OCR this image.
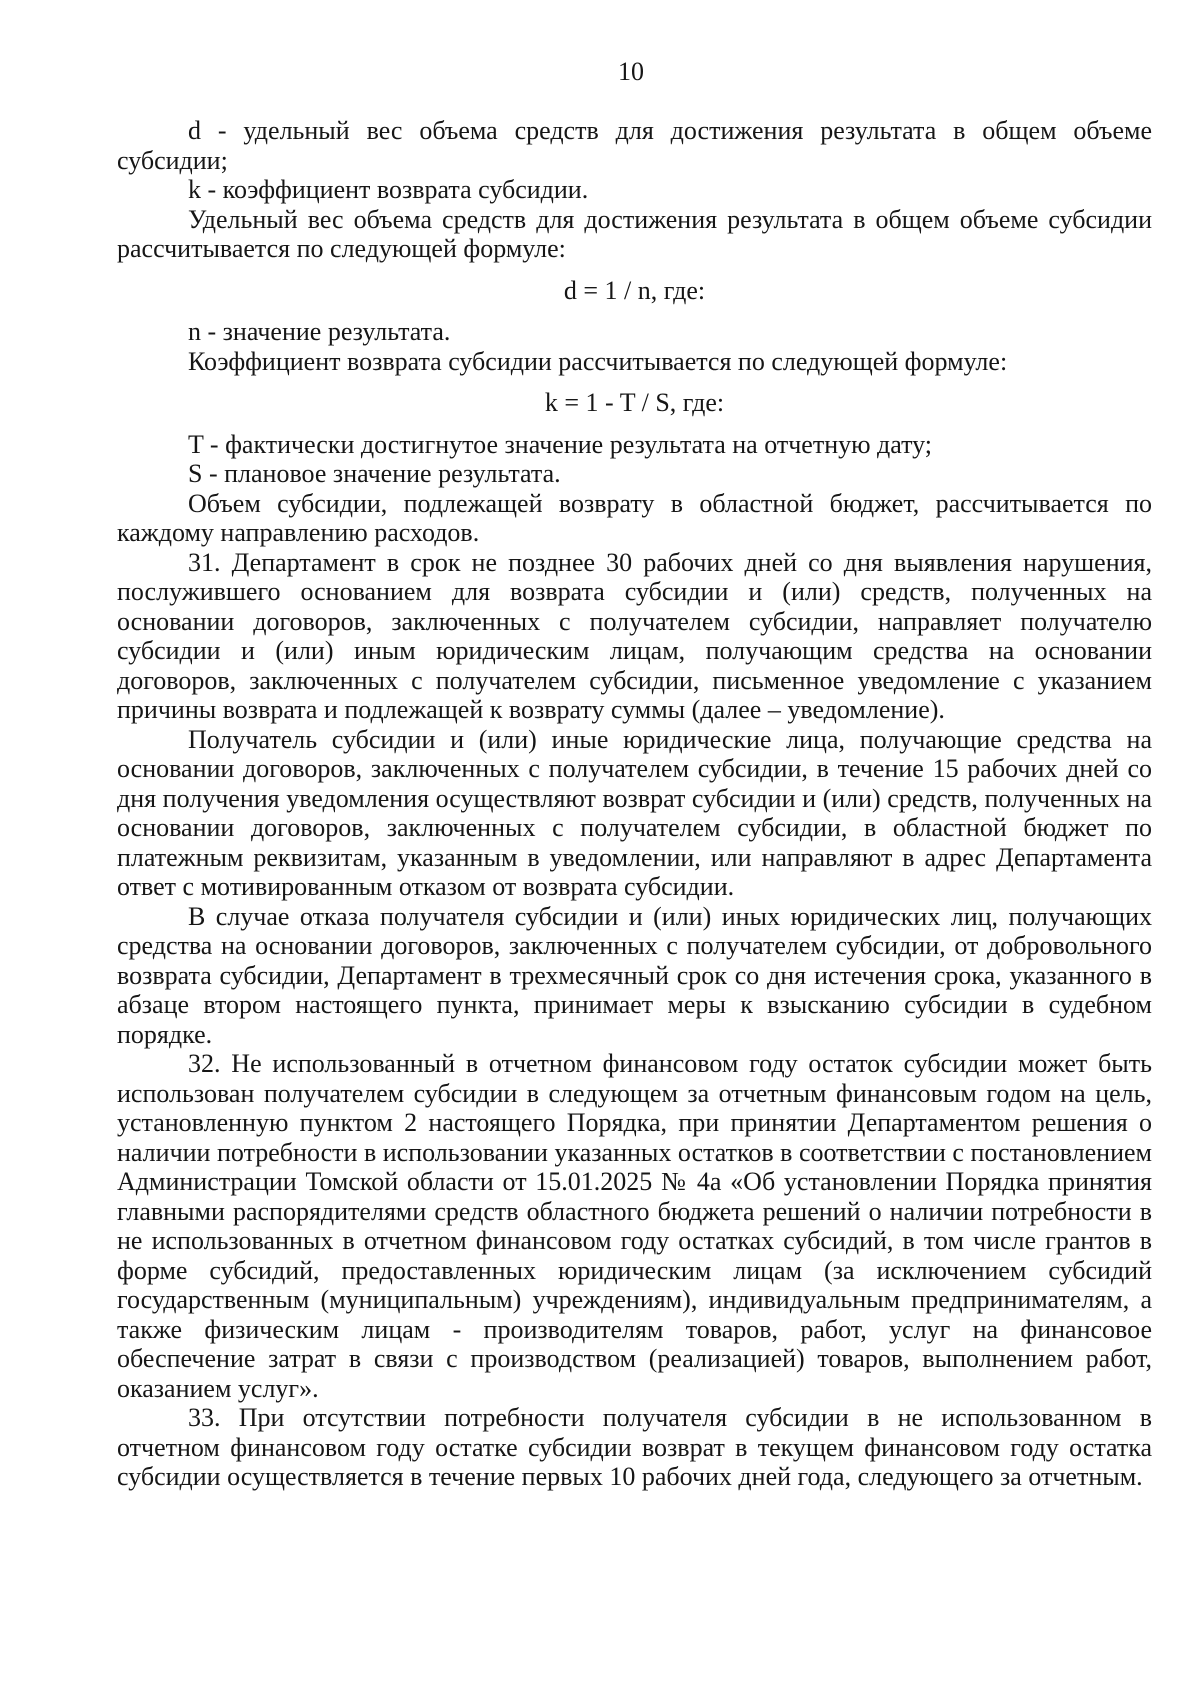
10

d - удельный вес объема средств для достижения результата в общем объеме субсидии;

k - коэффициент возврата субсидии.

Удельный вес объема средств для достижения результата в общем объеме субсидии рассчитывается по следующей формуле:

d = 1 / n, где:

n - значение результата.

Коэффициент возврата субсидии рассчитывается по следующей формуле:

k = 1 - T / S, где:

T - фактически достигнутое значение результата на отчетную дату;

S - плановое значение результата.

Объем субсидии, подлежащей возврату в областной бюджет, рассчитывается по каждому направлению расходов.

31. Департамент в срок не позднее 30 рабочих дней со дня выявления нарушения, послужившего основанием для возврата субсидии и (или) средств, полученных на основании договоров, заключенных с получателем субсидии, направляет получателю субсидии и (или) иным юридическим лицам, получающим средства на основании договоров, заключенных с получателем субсидии, письменное уведомление с указанием причины возврата и подлежащей к возврату суммы (далее – уведомление).

Получатель субсидии и (или) иные юридические лица, получающие средства на основании договоров, заключенных с получателем субсидии, в течение 15 рабочих дней со дня получения уведомления осуществляют возврат субсидии и (или) средств, полученных на основании договоров, заключенных с получателем субсидии, в областной бюджет по платежным реквизитам, указанным в уведомлении, или направляют в адрес Департамента ответ с мотивированным отказом от возврата субсидии.

В случае отказа получателя субсидии и (или) иных юридических лиц, получающих средства на основании договоров, заключенных с получателем субсидии, от добровольного возврата субсидии, Департамент в трехмесячный срок со дня истечения срока, указанного в абзаце втором настоящего пункта, принимает меры к взысканию субсидии в судебном порядке.

32. Не использованный в отчетном финансовом году остаток субсидии может быть использован получателем субсидии в следующем за отчетным финансовым годом на цель, установленную пунктом 2 настоящего Порядка, при принятии Департаментом решения о наличии потребности в использовании указанных остатков в соответствии с постановлением Администрации Томской области от 15.01.2025 № 4а «Об установлении Порядка принятия главными распорядителями средств областного бюджета решений о наличии потребности в не использованных в отчетном финансовом году остатках субсидий, в том числе грантов в форме субсидий, предоставленных юридическим лицам (за исключением субсидий государственным (муниципальным) учреждениям), индивидуальным предпринимателям, а также физическим лицам - производителям товаров, работ, услуг на финансовое обеспечение затрат в связи с производством (реализацией) товаров, выполнением работ, оказанием услуг».

33. При отсутствии потребности получателя субсидии в не использованном в отчетном финансовом году остатке субсидии возврат в текущем финансовом году остатка субсидии осуществляется в течение первых 10 рабочих дней года, следующего за отчетным.
